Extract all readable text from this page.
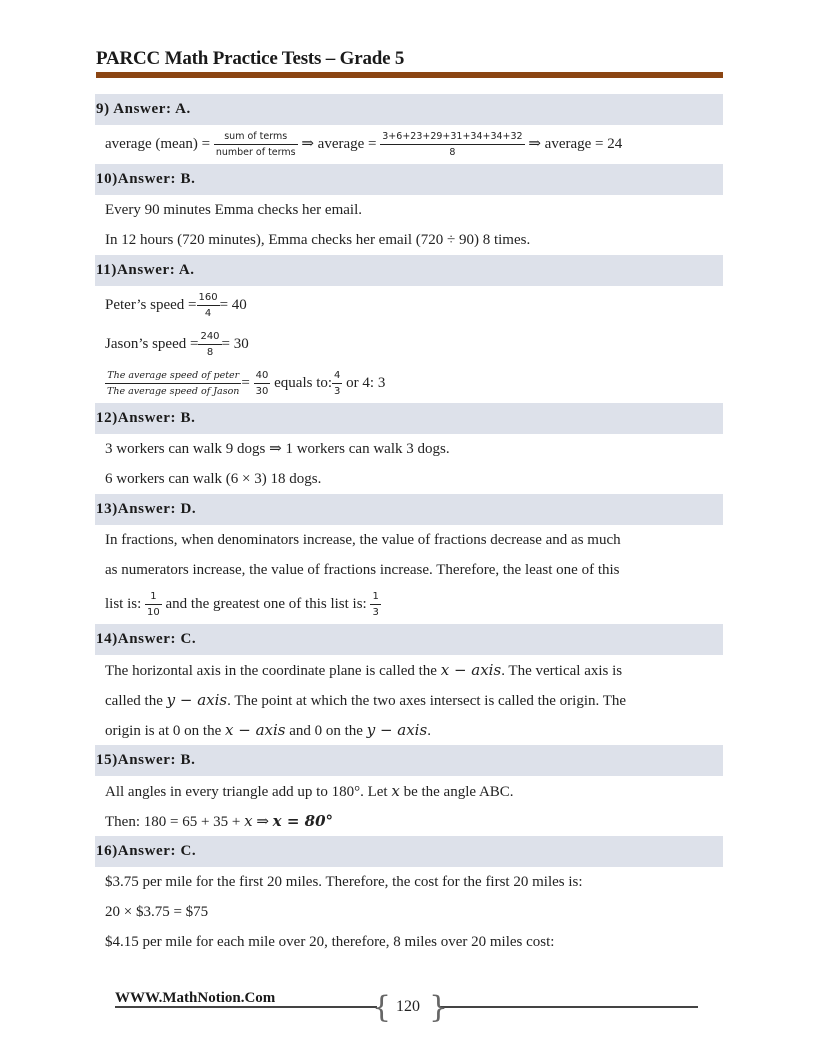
PARCC Math Practice Tests – Grade 5
9) Answer: A.
average (mean) = $\frac{\text{sum of terms}}{\text{number of terms}}$ ⇒ average = $\frac{3+6+23+29+31+34+34+32}{8}$ ⇒ average = 24
10)Answer: B.
Every 90 minutes Emma checks her email.
In 12 hours (720 minutes), Emma checks her email (720 ÷ 90) 8 times.
11)Answer: A.
Peter’s speed = $\frac{160}{4} = 40$
Jason’s speed = $\frac{240}{8} = 30$
$\frac{\text{The average speed of peter}}{\text{The average speed of Jason}} = \frac{40}{30}$ equals to: $\frac{4}{3}$ or 4: 3
12)Answer: B.
3 workers can walk 9 dogs ⇒ 1 workers can walk 3 dogs.
6 workers can walk (6 × 3) 18 dogs.
13)Answer: D.
In fractions, when denominators increase, the value of fractions decrease and as much
as numerators increase, the value of fractions increase. Therefore, the least one of this
list is: $\frac{1}{10}$ and the greatest one of this list is: $\frac{1}{3}$
14)Answer: C.
The horizontal axis in the coordinate plane is called the x − axis. The vertical axis is
called the y − axis. The point at which the two axes intersect is called the origin. The
origin is at 0 on the x − axis and 0 on the y − axis.
15)Answer: B.
All angles in every triangle add up to 180°. Let x be the angle ABC.
Then: 180 = 65 + 35 + x ⇒ x = 80°
16)Answer: C.
$3.75 per mile for the first 20 miles. Therefore, the cost for the first 20 miles is:
20 × $3.75 = $75
$4.15 per mile for each mile over 20, therefore, 8 miles over 20 miles cost:
WWW.MathNotion.Com	{ }
120
